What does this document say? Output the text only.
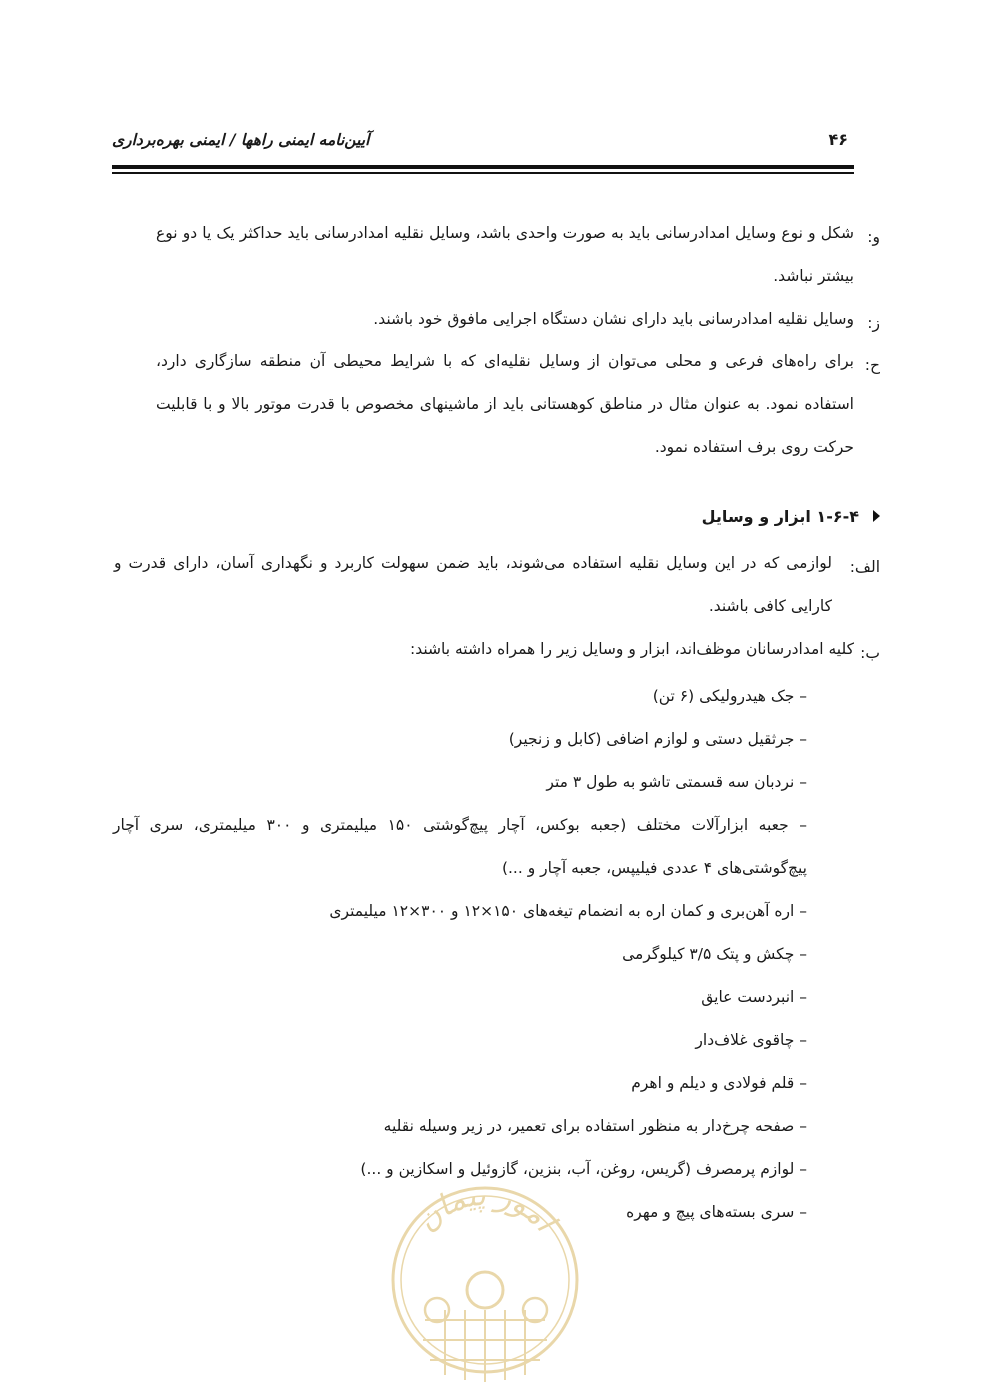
آیین‌نامه ایمنی راهها / ایمنی بهره‌برداری	۴۶
و:
شکل و نوع وسایل امدادرسانی باید به صورت واحدی باشد، وسایل نقلیه امدادرسانی باید حداکثر یک یا دو نوع بیشتر نباشد.
ز:
وسایل نقلیه امدادرسانی باید دارای نشان دستگاه اجرایی مافوق خود باشند.
ح:
برای راه‌های فرعی و محلی می‌توان از وسایل نقلیه‌ای که با شرایط محیطی آن منطقه سازگاری دارد، استفاده نمود. به عنوان مثال در مناطق کوهستانی باید از ماشینهای مخصوص با قدرت موتور بالا و با قابلیت حرکت روی برف استفاده نمود.
۱-۶-۴ ابزار و وسایل
الف:
لوازمی که در این وسایل نقلیه استفاده می‌شوند، باید ضمن سهولت کاربرد و نگهداری آسان، دارای قدرت و کارایی کافی باشند.
ب:
کلیه امدادرسانان موظف‌اند، ابزار و وسایل زیر را همراه داشته باشند:
– جک هیدرولیکی (۶ تن)
– جرثقیل دستی و لوازم اضافی (کابل و زنجیر)
– نردبان سه قسمتی تاشو به طول ۳ متر
– جعبه ابزارآلات مختلف (جعبه بوکس، آچار پیچ‌گوشتی ۱۵۰ میلیمتری و ۳۰۰ میلیمتری، سری آچار پیچ‌گوشتی‌های ۴ عددی فیلیپس، جعبه آچار و ...)
– اره آهن‌بری و کمان اره به انضمام تیغه‌های ۱۵۰×۱۲ و ۳۰۰×۱۲ میلیمتری
– چکش و پتک ۳/۵ کیلوگرمی
– انبردست عایق
– چاقوی غلاف‌دار
– قلم فولادی و دیلم و اهرم
– صفحه چرخ‌دار به منظور استفاده برای تعمیر، در زیر وسیله نقلیه
– لوازم پرمصرف (گریس، روغن، آب، بنزین، گازوئیل و اسکازین و ...)
– سری بسته‌های پیچ و مهره
امور پیمان
